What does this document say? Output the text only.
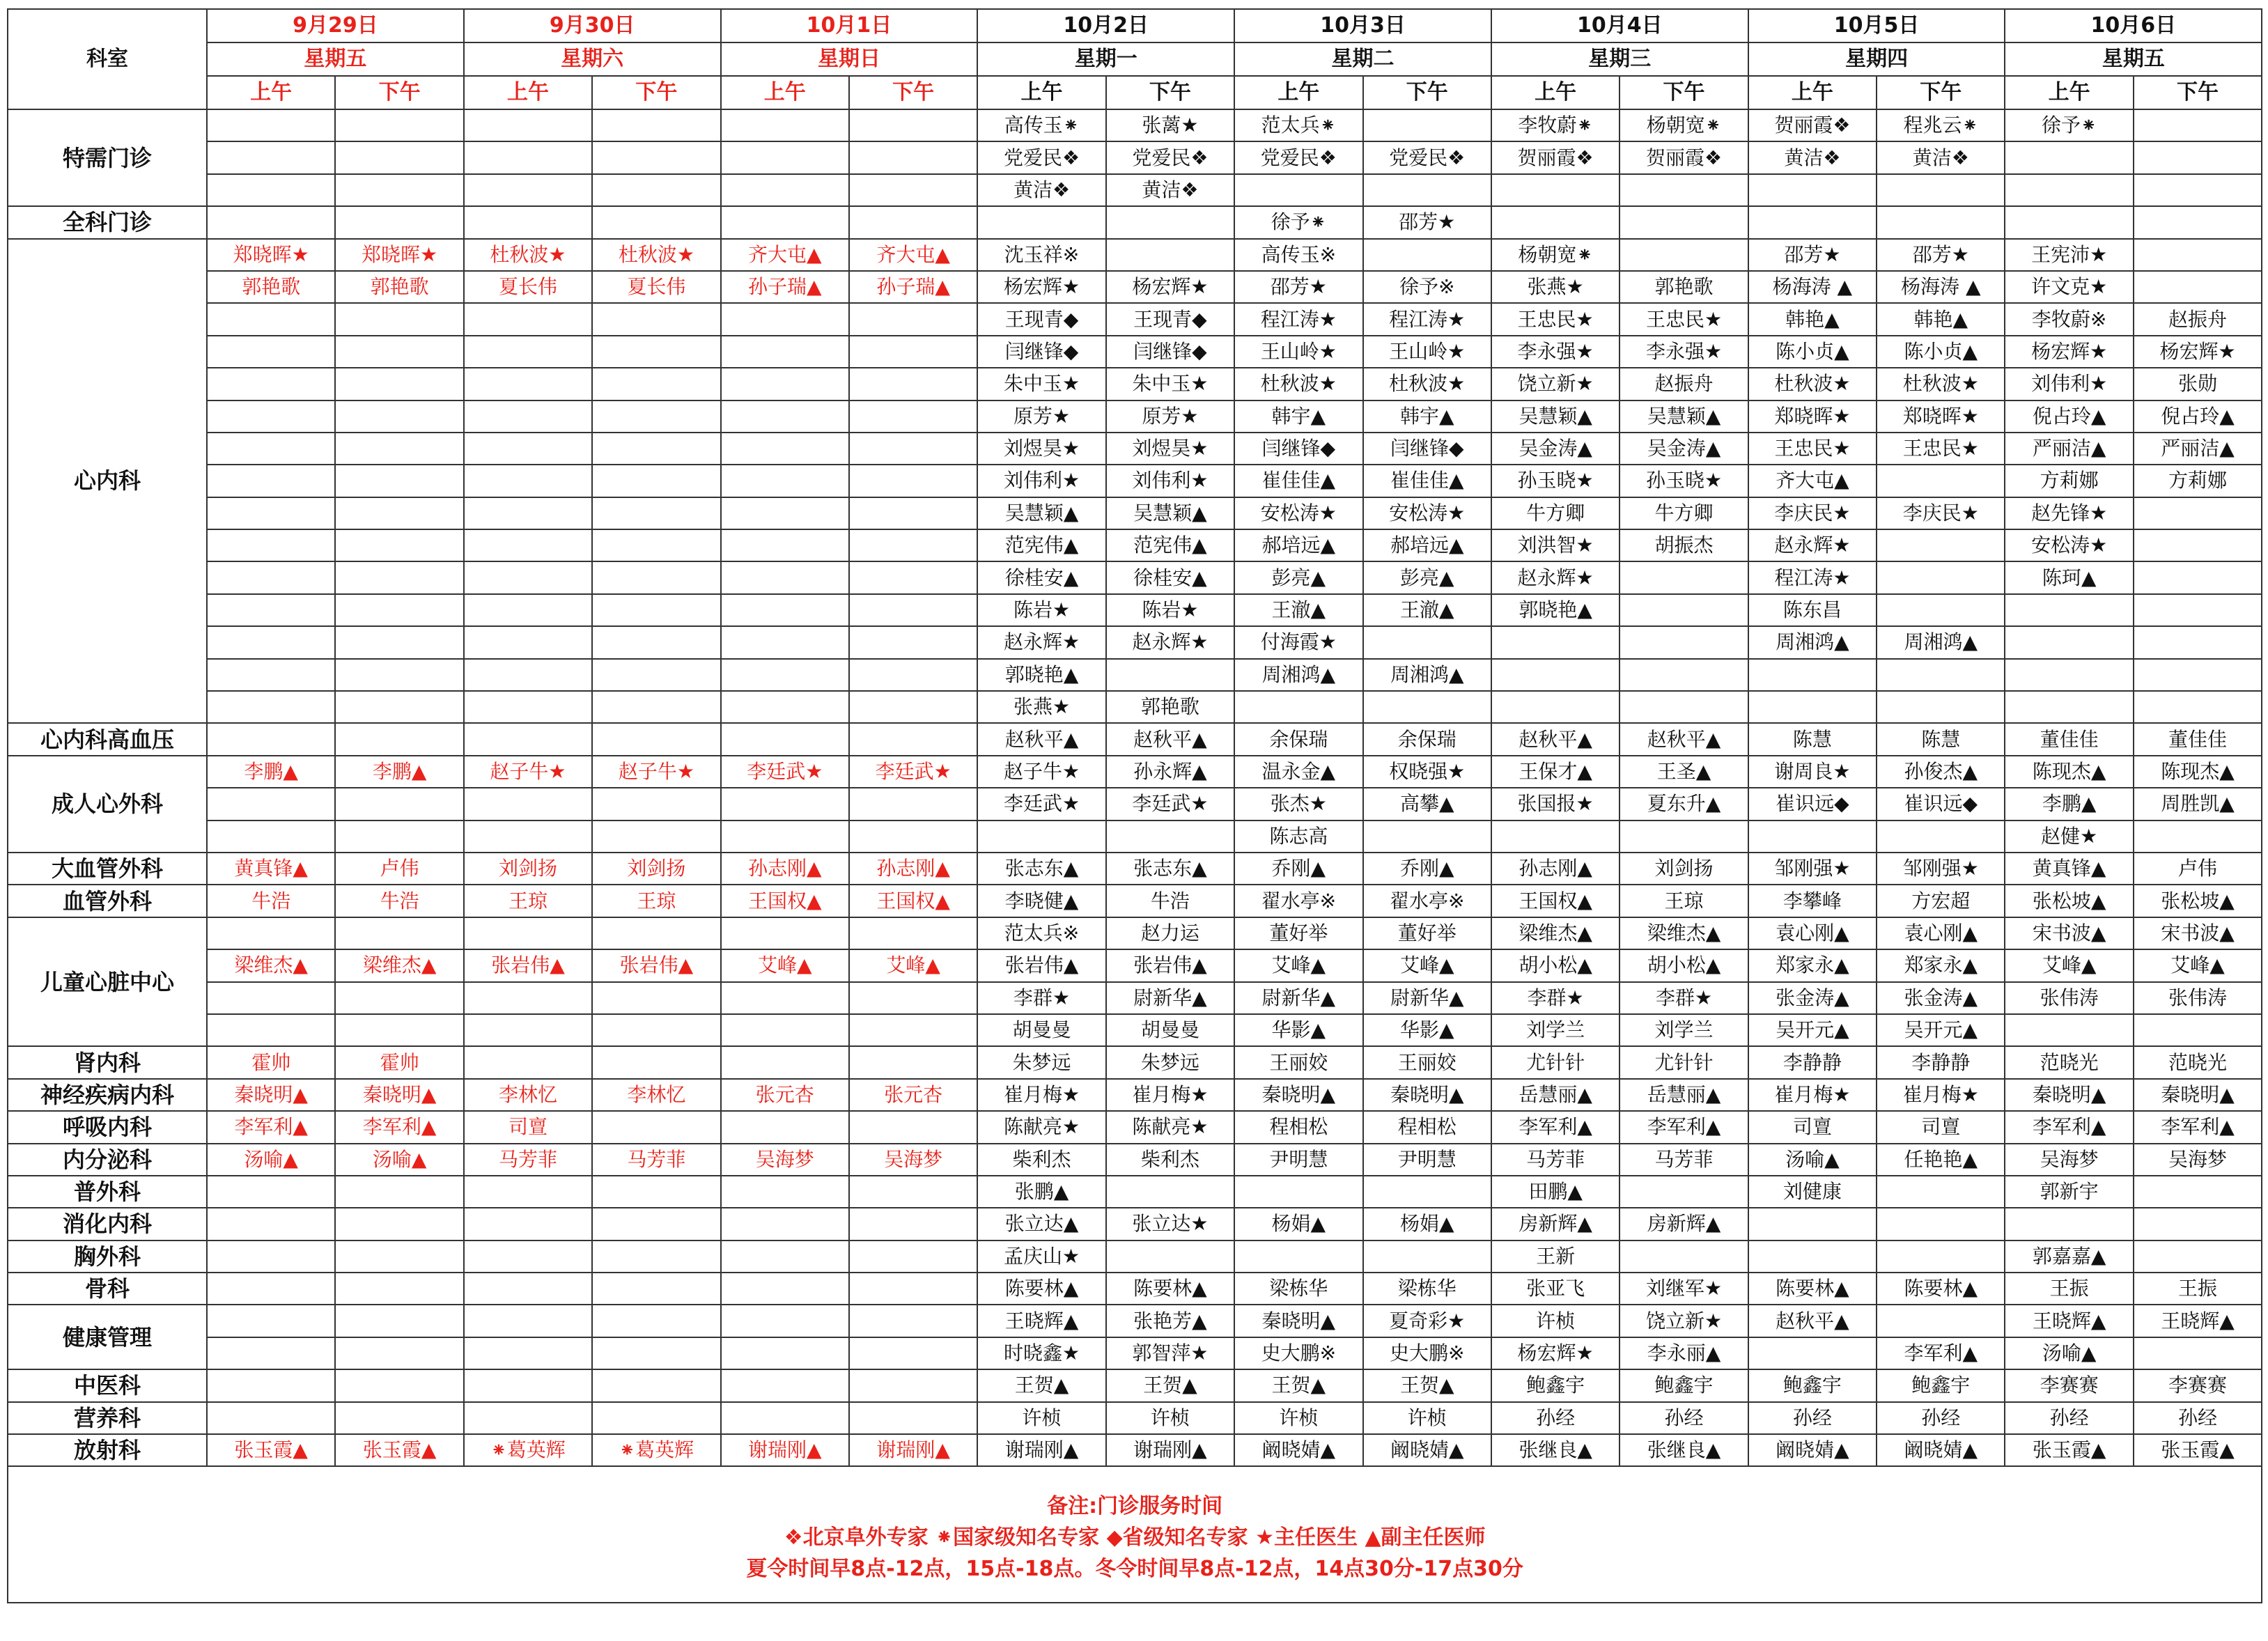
科室	9月29日		9月30日		10月1日		10月2日		10月3日		10月4日		10月5日		10月6日	
	星期五		星期六		星期日		星期一		星期二		星期三		星期四		星期五	
	上午	下午	上午	下午	上午	下午	上午	下午	上午	下午	上午	下午	上午	下午	上午	下午
特需门诊							高传玉⁕	张蓠★	范太兵⁕		李牧蔚⁕	杨朝宽⁕	贺丽霞❖	程兆云⁕	徐予⁕	
							党爱民❖	党爱民❖	党爱民❖	党爱民❖	贺丽霞❖	贺丽霞❖	黄洁❖	黄洁❖		
							黄洁❖	黄洁❖								
全科门诊									徐予⁕	邵芳★						
心内科	郑晓晖★	郑晓晖★	杜秋波★	杜秋波★	齐大屯▲	齐大屯▲	沈玉祥※		高传玉※		杨朝宽⁕		邵芳★	邵芳★	王宪沛★	
	郭艳歌	郭艳歌	夏长伟	夏长伟	孙子瑞▲	孙子瑞▲	杨宏辉★	杨宏辉★	邵芳★	徐予※	张燕★	郭艳歌	杨海涛 ▲	杨海涛 ▲	许文克★	
							王现青◆	王现青◆	程江涛★	程江涛★	王忠民★	王忠民★	韩艳▲	韩艳▲	李牧蔚※	赵振舟
							闫继锋◆	闫继锋◆	王山岭★	王山岭★	李永强★	李永强★	陈小贞▲	陈小贞▲	杨宏辉★	杨宏辉★
							朱中玉★	朱中玉★	杜秋波★	杜秋波★	饶立新★	赵振舟	杜秋波★	杜秋波★	刘伟利★	张勋
							原芳★	原芳★	韩宇▲	韩宇▲	吴慧颖▲	吴慧颖▲	郑晓晖★	郑晓晖★	倪占玲▲	倪占玲▲
							刘煜昊★	刘煜昊★	闫继锋◆	闫继锋◆	吴金涛▲	吴金涛▲	王忠民★	王忠民★	严丽洁▲	严丽洁▲
							刘伟利★	刘伟利★	崔佳佳▲	崔佳佳▲	孙玉晓★	孙玉晓★	齐大屯▲		方莉娜	方莉娜
							吴慧颖▲	吴慧颖▲	安松涛★	安松涛★	牛方卿	牛方卿	李庆民★	李庆民★	赵先锋★	
							范宪伟▲	范宪伟▲	郝培远▲	郝培远▲	刘洪智★	胡振杰	赵永辉★		安松涛★	
							徐桂安▲	徐桂安▲	彭亮▲	彭亮▲	赵永辉★		程江涛★		陈珂▲	
							陈岩★	陈岩★	王澈▲	王澈▲	郭晓艳▲		陈东昌			
							赵永辉★	赵永辉★	付海霞★				周湘鸿▲	周湘鸿▲		
							郭晓艳▲		周湘鸿▲	周湘鸿▲						
							张燕★	郭艳歌								
心内科高血压							赵秋平▲	赵秋平▲	余保瑞	余保瑞	赵秋平▲	赵秋平▲	陈慧	陈慧	董佳佳	董佳佳
成人心外科	李鹏▲	李鹏▲	赵子牛★	赵子牛★	李廷武★	李廷武★	赵子牛★	孙永辉▲	温永金▲	权晓强★	王保才▲	王圣▲	谢周良★	孙俊杰▲	陈现杰▲	陈现杰▲
							李廷武★	李廷武★	张杰★	高攀▲	张国报★	夏东升▲	崔识远◆	崔识远◆	李鹏▲	周胜凯▲
									陈志高						赵健★	
大血管外科	黄真锋▲	卢伟	刘剑扬	刘剑扬	孙志刚▲	孙志刚▲	张志东▲	张志东▲	乔刚▲	乔刚▲	孙志刚▲	刘剑扬	邹刚强★	邹刚强★	黄真锋▲	卢伟
血管外科	牛浩	牛浩	王琼	王琼	王国权▲	王国权▲	李晓健▲	牛浩	翟水亭※	翟水亭※	王国权▲	王琼	李攀峰	方宏超	张松坡▲	张松坡▲
儿童心脏中心							范太兵※	赵力运	董好举	董好举	梁维杰▲	梁维杰▲	袁心刚▲	袁心刚▲	宋书波▲	宋书波▲
	梁维杰▲	梁维杰▲	张岩伟▲	张岩伟▲	艾峰▲	艾峰▲	张岩伟▲	张岩伟▲	艾峰▲	艾峰▲	胡小松▲	胡小松▲	郑家永▲	郑家永▲	艾峰▲	艾峰▲
							李群★	尉新华▲	尉新华▲	尉新华▲	李群★	李群★	张金涛▲	张金涛▲	张伟涛	张伟涛
							胡曼曼	胡曼曼	华影▲	华影▲	刘学兰	刘学兰	吴开元▲	吴开元▲		
肾内科	霍帅	霍帅					朱梦远	朱梦远	王丽姣	王丽姣	尤针针	尤针针	李静静	李静静	范晓光	范晓光
神经疾病内科	秦晓明▲	秦晓明▲	李林忆	李林忆	张元杏	张元杏	崔月梅★	崔月梅★	秦晓明▲	秦晓明▲	岳慧丽▲	岳慧丽▲	崔月梅★	崔月梅★	秦晓明▲	秦晓明▲
呼吸内科	李军利▲	李军利▲	司亶				陈献亮★	陈献亮★	程相松	程相松	李军利▲	李军利▲	司亶	司亶	李军利▲	李军利▲
内分泌科	汤喻▲	汤喻▲	马芳菲	马芳菲	吴海梦	吴海梦	柴利杰	柴利杰	尹明慧	尹明慧	马芳菲	马芳菲	汤喻▲	任艳艳▲	吴海梦	吴海梦
普外科							张鹏▲				田鹏▲		刘健康		郭新宇	
消化内科							张立达▲	张立达★	杨娟▲	杨娟▲	房新辉▲	房新辉▲				
胸外科							孟庆山★				王新				郭嘉嘉▲	
骨科							陈要林▲	陈要林▲	梁栋华	梁栋华	张亚飞	刘继军★	陈要林▲	陈要林▲	王振	王振
健康管理							王晓辉▲	张艳芳▲	秦晓明▲	夏奇彩★	许桢	饶立新★	赵秋平▲		王晓辉▲	王晓辉▲
							时晓鑫★	郭智萍★	史大鹏※	史大鹏※	杨宏辉★	李永丽▲		李军利▲	汤喻▲	
中医科							王贺▲	王贺▲	王贺▲	王贺▲	鲍鑫宇	鲍鑫宇	鲍鑫宇	鲍鑫宇	李赛赛	李赛赛
营养科							许桢	许桢	许桢	许桢	孙经	孙经	孙经	孙经	孙经	孙经
放射科	张玉霞▲	张玉霞▲	⁕葛英辉	⁕葛英辉	谢瑞刚▲	谢瑞刚▲	谢瑞刚▲	谢瑞刚▲	阚晓婧▲	阚晓婧▲	张继良▲	张继良▲	阚晓婧▲	阚晓婧▲	张玉霞▲	张玉霞▲

备注:门诊服务时间
❖北京阜外专家 ⁕国家级知名专家 ◆省级知名专家 ★主任医生 ▲副主任医师
夏令时间早8点-12点，15点-18点。冬令时间早8点-12点，14点30分-17点30分																
